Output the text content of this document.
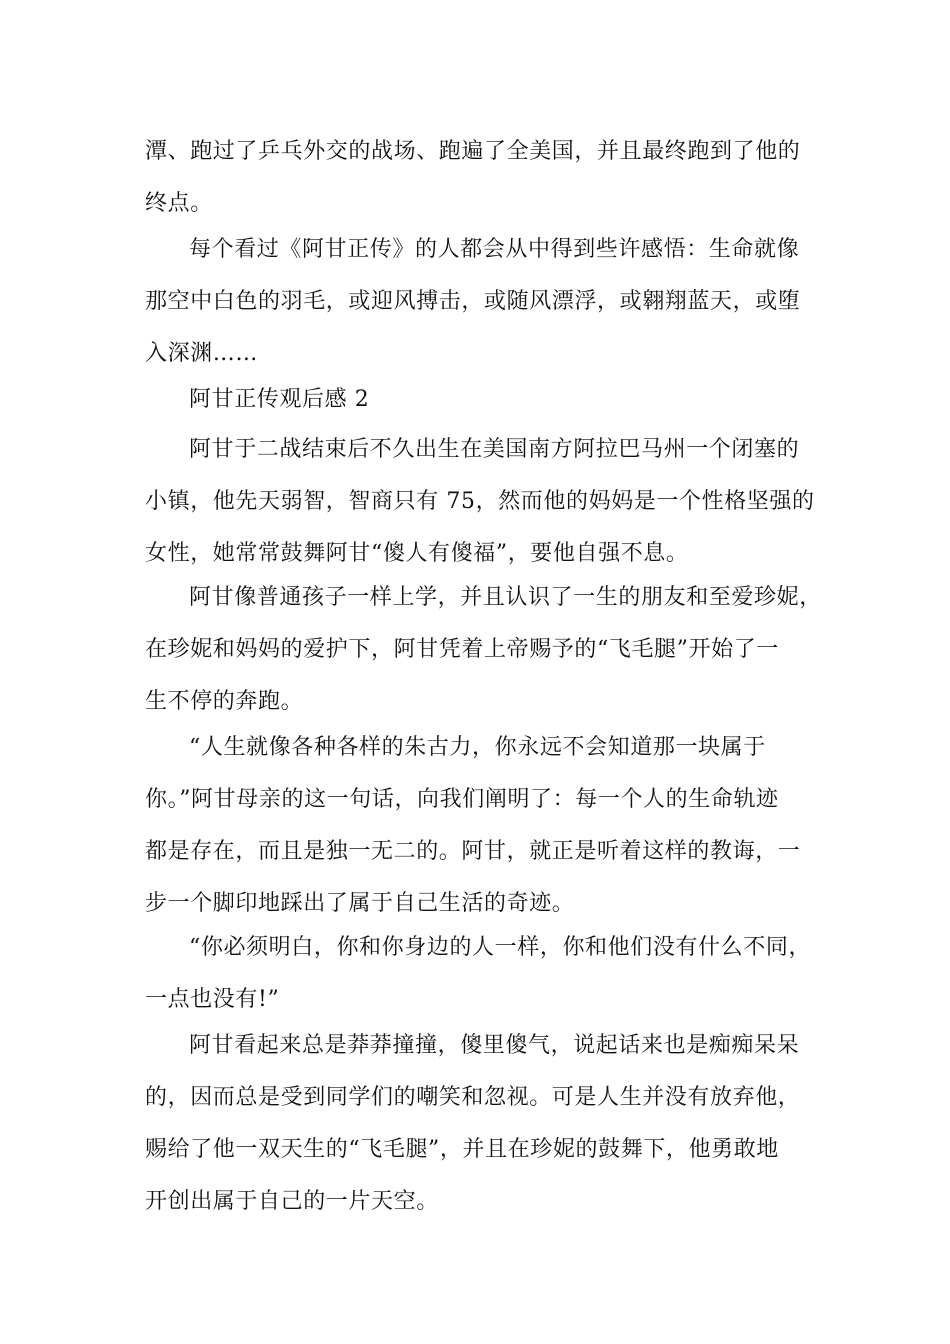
潭、跑过了乒乓外交的战场、跑遍了全美国，并且最终跑到了他的
终点。
每个看过《阿甘正传》的人都会从中得到些许感悟：生命就像
那空中白色的羽毛，或迎风搏击，或随风漂浮，或翱翔蓝天，或堕
入深渊……
阿甘正传观后感 2
阿甘于二战结束后不久出生在美国南方阿拉巴马州一个闭塞的
小镇，他先天弱智，智商只有 75，然而他的妈妈是一个性格坚强的
女性，她常常鼓舞阿甘“傻人有傻福”，要他自强不息。
阿甘像普通孩子一样上学，并且认识了一生的朋友和至爱珍妮，
在珍妮和妈妈的爱护下，阿甘凭着上帝赐予的“飞毛腿”开始了一
生不停的奔跑。
“人生就像各种各样的朱古力，你永远不会知道那一块属于
你。”阿甘母亲的这一句话，向我们阐明了：每一个人的生命轨迹
都是存在，而且是独一无二的。阿甘，就正是听着这样的教诲，一
步一个脚印地踩出了属于自己生活的奇迹。
“你必须明白，你和你身边的人一样，你和他们没有什么不同，
一点也没有!”
阿甘看起来总是莽莽撞撞，傻里傻气，说起话来也是痴痴呆呆
的，因而总是受到同学们的嘲笑和忽视。可是人生并没有放弃他，
赐给了他一双天生的“飞毛腿”，并且在珍妮的鼓舞下，他勇敢地
开创出属于自己的一片天空。
